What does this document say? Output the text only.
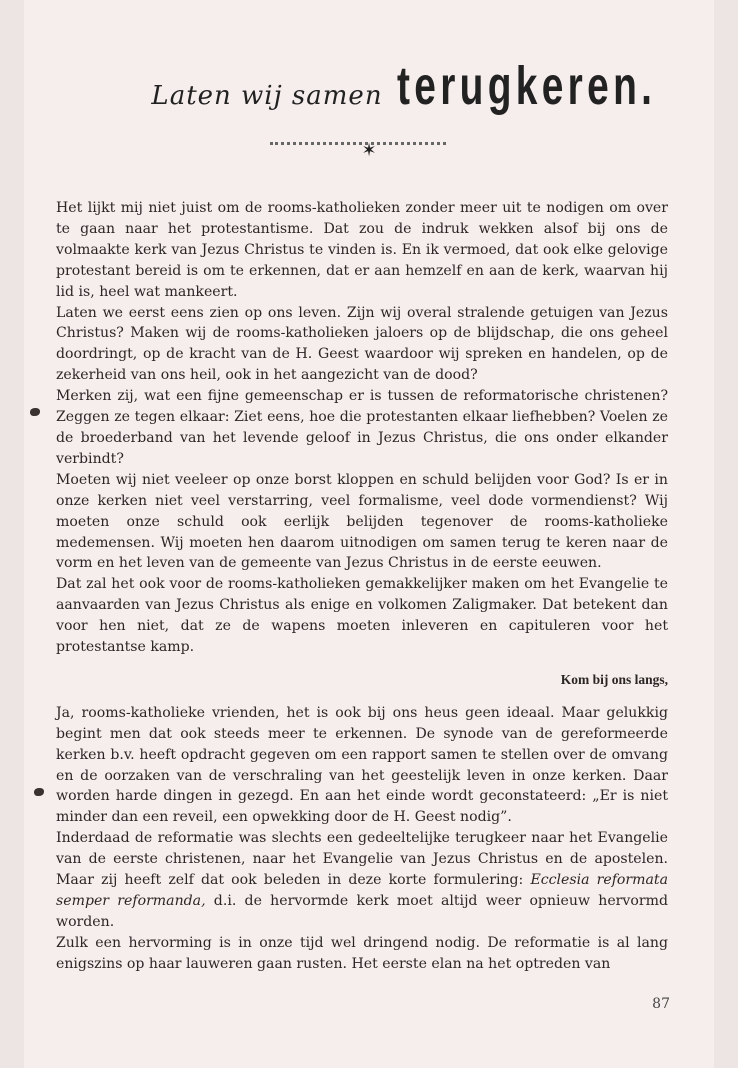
Laten wij samen terugkeren.
✶

Het lijkt mij niet juist om de rooms-katholieken zonder meer uit te nodigen om over te gaan naar het protestantisme. Dat zou de indruk wekken alsof bij ons de volmaakte kerk van Jezus Christus te vinden is. En ik vermoed, dat ook elke gelovige protestant bereid is om te erkennen, dat er aan hemzelf en aan de kerk, waarvan hij lid is, heel wat mankeert.

Laten we eerst eens zien op ons leven. Zijn wij overal stralende getuigen van Jezus Christus? Maken wij de rooms-katholieken jaloers op de blijdschap, die ons geheel doordringt, op de kracht van de H. Geest waardoor wij spreken en handelen, op de zekerheid van ons heil, ook in het aangezicht van de dood?

Merken zij, wat een fijne gemeenschap er is tussen de reformatorische christenen? Zeggen ze tegen elkaar: Ziet eens, hoe die protestanten elkaar liefhebben? Voelen ze de broederband van het levende geloof in Jezus Christus, die ons onder elkander verbindt?

Moeten wij niet veeleer op onze borst kloppen en schuld belijden voor God? Is er in onze kerken niet veel verstarring, veel formalisme, veel dode vormendienst? Wij moeten onze schuld ook eerlijk belijden tegenover de rooms-katholieke medemensen. Wij moeten hen daarom uitnodigen om samen terug te keren naar de vorm en het leven van de gemeente van Jezus Christus in de eerste eeuwen.

Dat zal het ook voor de rooms-katholieken gemakkelijker maken om het Evangelie te aanvaarden van Jezus Christus als enige en volkomen Zaligmaker. Dat betekent dan voor hen niet, dat ze de wapens moeten inleveren en capituleren voor het protestantse kamp.

Kom bij ons langs,

Ja, rooms-katholieke vrienden, het is ook bij ons heus geen ideaal. Maar gelukkig begint men dat ook steeds meer te erkennen. De synode van de gereformeerde kerken b.v. heeft opdracht gegeven om een rapport samen te stellen over de omvang en de oorzaken van de verschraling van het geestelijk leven in onze kerken. Daar worden harde dingen in gezegd. En aan het einde wordt geconstateerd: „Er is niet minder dan een reveil, een opwekking door de H. Geest nodig”.

Inderdaad de reformatie was slechts een gedeeltelijke terugkeer naar het Evangelie van de eerste christenen, naar het Evangelie van Jezus Christus en de apostelen. Maar zij heeft zelf dat ook beleden in deze korte formulering: Ecclesia reformata semper reformanda, d.i. de hervormde kerk moet altijd weer opnieuw hervormd worden.

Zulk een hervorming is in onze tijd wel dringend nodig. De reformatie is al lang enigszins op haar lauweren gaan rusten. Het eerste elan na het optreden van

87
